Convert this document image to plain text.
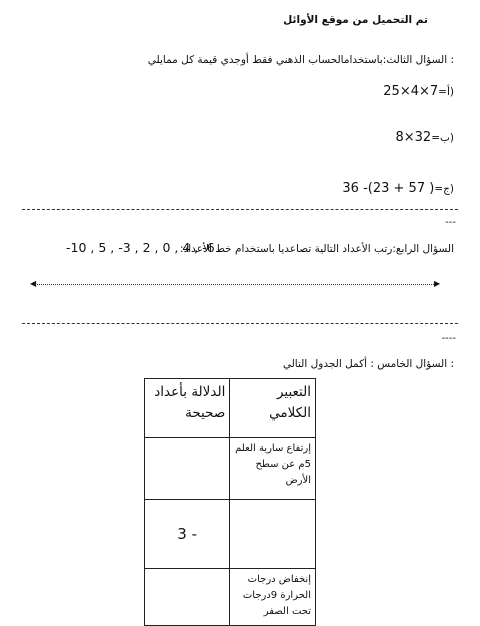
تم التحميل من موقع الأوائل
: السؤال الثالث:باستخدامالحساب الذهني فقط أوجدي قيمة كل ممايلي
25×4×7=أ)
8×32=ب)
36 -(23 + 57 )=ج)
---
السؤال الرابع:رتب الأعداد التالية تصاعديا باستخدام خط الأعداد:
-10 , 5 , -3 , 2 , 0 , 4 , -6
◀	▶
----
: السؤال الخامس : أكمل الجدول التالي
التعبير الكلامي	الدلالة بأعداد صحيحة
إرتفاع سارية العلم 5م عن سطح الأرض	
	3 -
إنخفاض درجات الحرارة 9درجات تحت الصفر	
